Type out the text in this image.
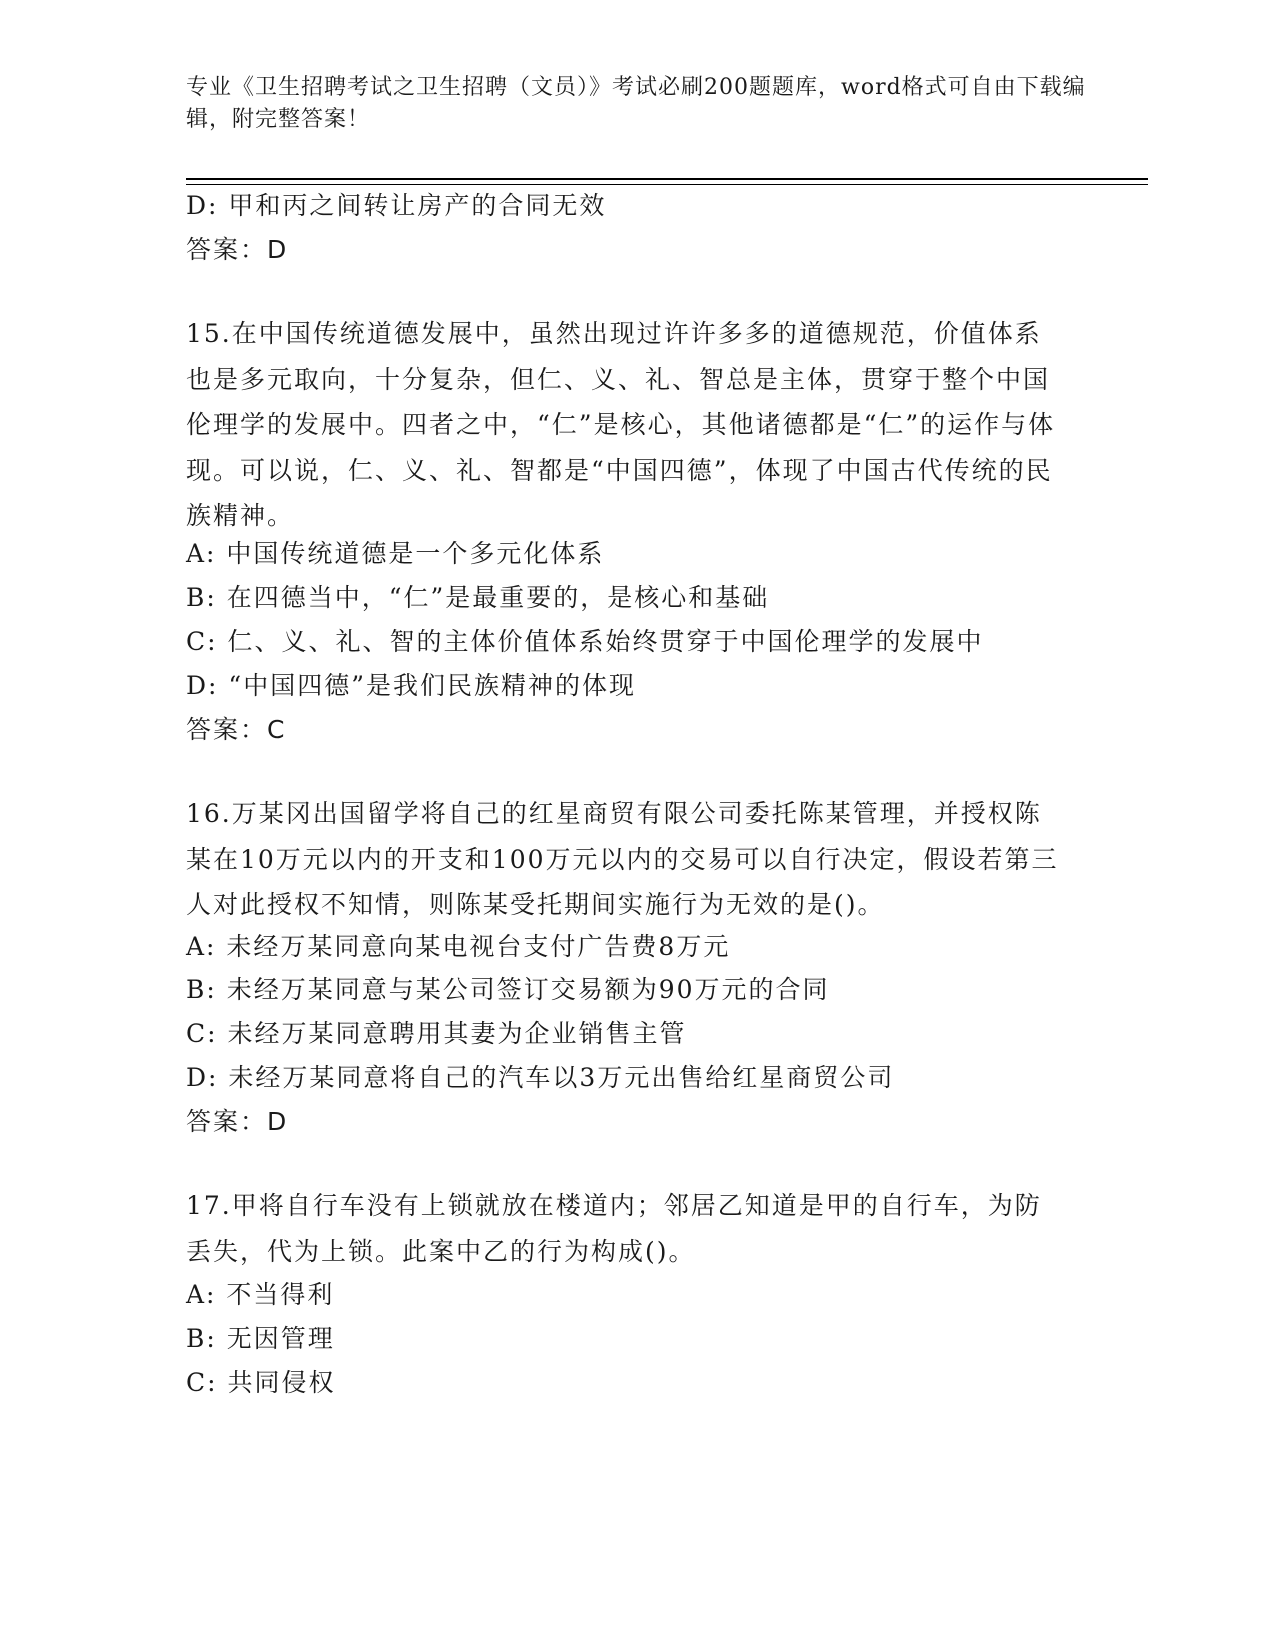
专业《卫生招聘考试之卫生招聘（文员）》考试必刷200题题库，word格式可自由下载编辑，附完整答案！
D: 甲和丙之间转让房产的合同无效
答案：D
15.在中国传统道德发展中，虽然出现过许许多多的道德规范，价值体系也是多元取向，十分复杂，但仁、义、礼、智总是主体，贯穿于整个中国伦理学的发展中。四者之中，“仁”是核心，其他诸德都是“仁”的运作与体现。可以说，仁、义、礼、智都是“中国四德”，体现了中国古代传统的民族精神。
A: 中国传统道德是一个多元化体系
B: 在四德当中，“仁”是最重要的，是核心和基础
C: 仁、义、礼、智的主体价值体系始终贯穿于中国伦理学的发展中
D: “中国四德”是我们民族精神的体现
答案：C
16.万某冈出国留学将自己的红星商贸有限公司委托陈某管理，并授权陈某在10万元以内的开支和100万元以内的交易可以自行决定，假设若第三人对此授权不知情，则陈某受托期间实施行为无效的是()。
A: 未经万某同意向某电视台支付广告费8万元
B: 未经万某同意与某公司签订交易额为90万元的合同
C: 未经万某同意聘用其妻为企业销售主管
D: 未经万某同意将自己的汽车以3万元出售给红星商贸公司
答案：D
17.甲将自行车没有上锁就放在楼道内；邻居乙知道是甲的自行车，为防丢失，代为上锁。此案中乙的行为构成()。
A: 不当得利
B: 无因管理
C: 共同侵权
